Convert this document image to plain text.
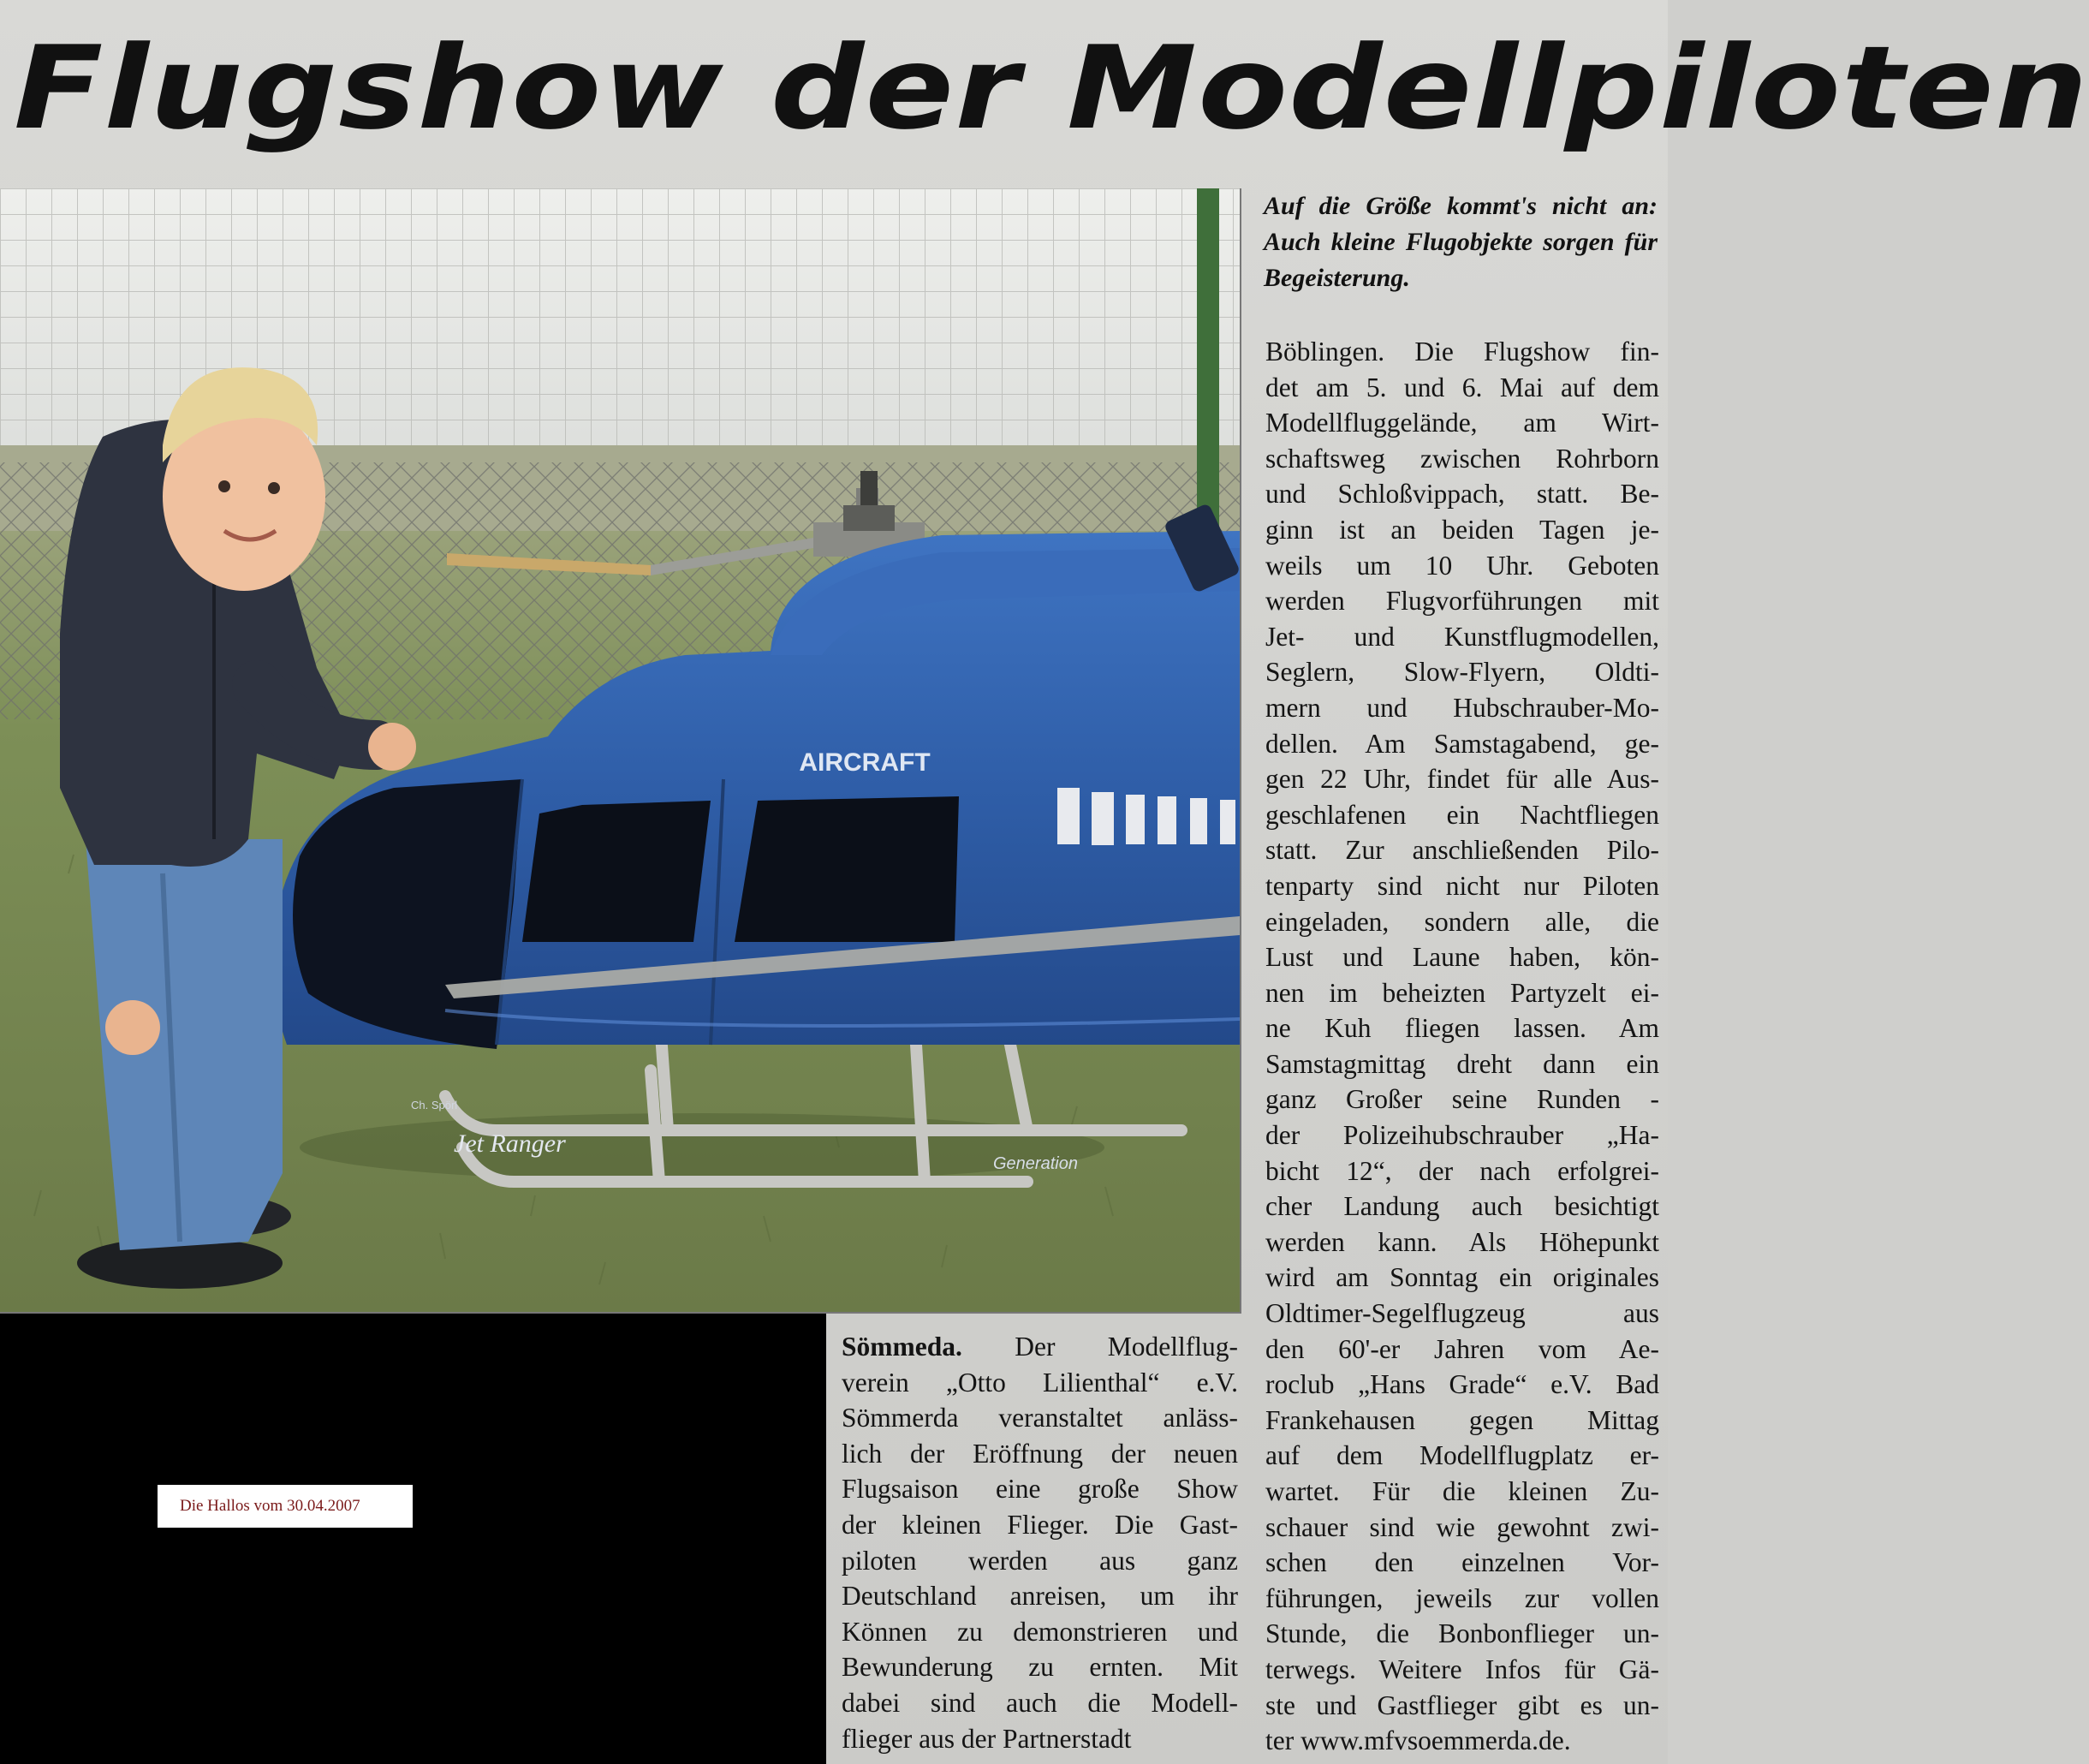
Flugshow der Modellpiloten
AIRCRAFT
Jet Ranger
Generation
Ch. Spörl
Auf die Größe kommt's nicht an: Auch kleine Flugobjekte sorgen für Begeisterung.
Böblingen. Die Flugshow fin-
det am 5. und 6. Mai auf dem
Modellfluggelände, am Wirt-
schaftsweg zwischen Rohrborn
und Schloßvippach, statt. Be-
ginn ist an beiden Tagen je-
weils um 10 Uhr. Geboten
werden Flugvorführungen mit
Jet- und Kunstflugmodellen,
Seglern, Slow-Flyern, Oldti-
mern und Hubschrauber-Mo-
dellen. Am Samstagabend, ge-
gen 22 Uhr, findet für alle Aus-
geschlafenen ein Nachtfliegen
statt. Zur anschließenden Pilo-
tenparty sind nicht nur Piloten
eingeladen, sondern alle, die
Lust und Laune haben, kön-
nen im beheizten Partyzelt ei-
ne Kuh fliegen lassen. Am
Samstagmittag dreht dann ein
ganz Großer seine Runden -
der Polizeihubschrauber „Ha-
bicht 12“, der nach erfolgrei-
cher Landung auch besichtigt
werden kann. Als Höhepunkt
wird am Sonntag ein originales
Oldtimer-Segelflugzeug aus
den 60'-er Jahren vom Ae-
roclub „Hans Grade“ e.V. Bad
Frankehausen gegen Mittag
auf dem Modellflugplatz er-
wartet. Für die kleinen Zu-
schauer sind wie gewohnt zwi-
schen den einzelnen Vor-
führungen, jeweils zur vollen
Stunde, die Bonbonflieger un-
terwegs. Weitere Infos für Gä-
ste und Gastflieger gibt es un-
ter www.mfvsoemmerda.de.
Die Hallos vom 30.04.2007
Sömmeda. Der Modellflug-
verein „Otto Lilienthal“ e.V.
Sömmerda veranstaltet anläss-
lich der Eröffnung der neuen
Flugsaison eine große Show
der kleinen Flieger. Die Gast-
piloten werden aus ganz
Deutschland anreisen, um ihr
Können zu demonstrieren und
Bewunderung zu ernten. Mit
dabei sind auch die Modell-
flieger aus der Partnerstadt
